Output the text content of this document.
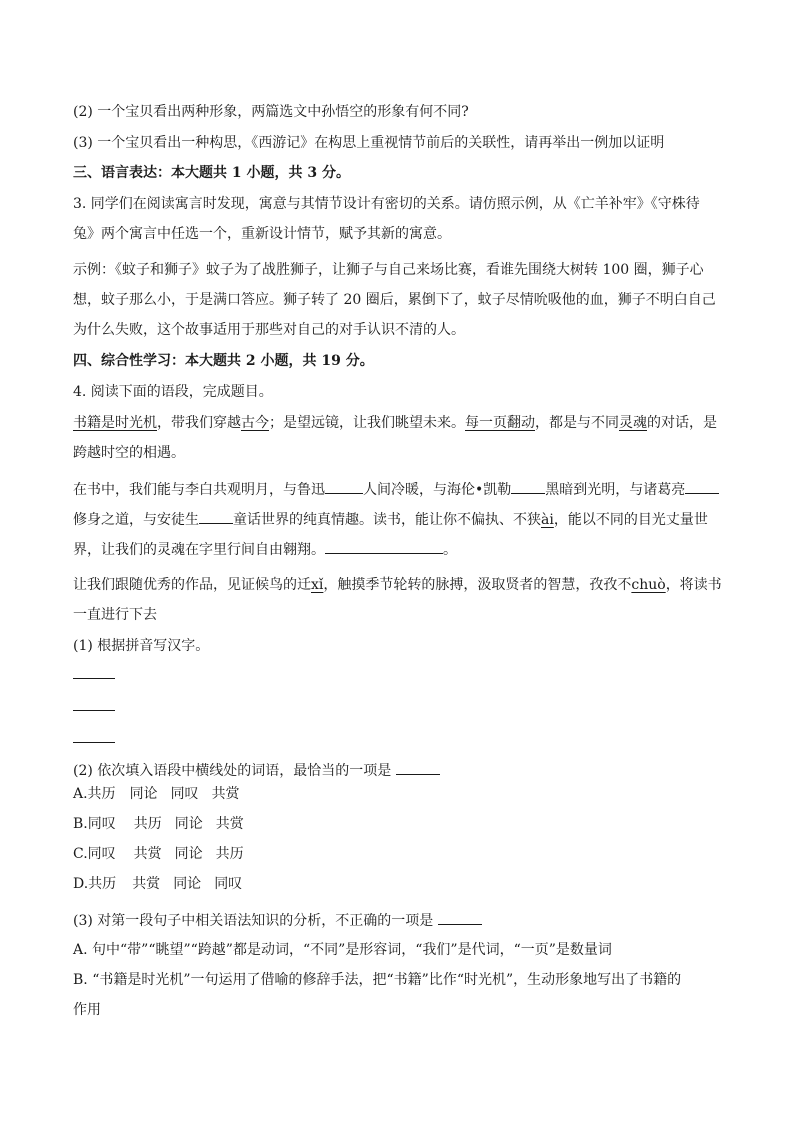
(2) 一个宝贝看出两种形象，两篇选文中孙悟空的形象有何不同?
(3) 一个宝贝看出一种构思，《西游记》在构思上重视情节前后的关联性，请再举出一例加以证明
三、语言表达：本大题共 1 小题，共 3 分。
3. 同学们在阅读寓言时发现，寓意与其情节设计有密切的关系。请仿照示例，从《亡羊补牢》《守株待
兔》两个寓言中任选一个，重新设计情节，赋予其新的寓意。
示例：《蚊子和狮子》蚊子为了战胜狮子，让狮子与自己来场比赛，看谁先围绕大树转 100 圈，狮子心
想，蚊子那么小，于是满口答应。狮子转了 20 圈后，累倒下了，蚊子尽情吮吸他的血，狮子不明白自己
为什么失败，这个故事适用于那些对自己的对手认识不清的人。
四、综合性学习：本大题共 2 小题，共 19 分。
4. 阅读下面的语段，完成题目。
书籍是时光机，带我们穿越古今；是望远镜，让我们眺望未来。每一页翻动，都是与不同灵魂的对话，是
跨越时空的相遇。
在书中，我们能与李白共观明月，与鲁迅	人间冷暖，与海伦•凯勒 黑暗到光明，与诸葛亮
修身之道，与安徒生 童话世界的纯真情趣。读书，能让你不偏执、不狭ài，能以不同的目光丈量世
界，让我们的灵魂在字里行间自由翱翔。	。
让我们跟随优秀的作品，见证候鸟的迁xǐ，触摸季节轮转的脉搏，汲取贤者的智慧，孜孜不chuò，将读书
一直进行下去
(1) 根据拼音写汉字。
(2) 依次填入语段中横线处的词语，最恰当的一项是
A.共历 同论 同叹 共赏
B.同叹 共历 同论 共赏
C.同叹 共赏 同论 共历
D.共历 共赏 同论 同叹
(3) 对第一段句子中相关语法知识的分析，不正确的一项是
A. 句中“带”“眺望”“跨越”都是动词，“不同”是形容词，“我们”是代词，“一页”是数量词
B. “书籍是时光机”一句运用了借喻的修辞手法，把“书籍”比作“时光机”，生动形象地写出了书籍的
作用
